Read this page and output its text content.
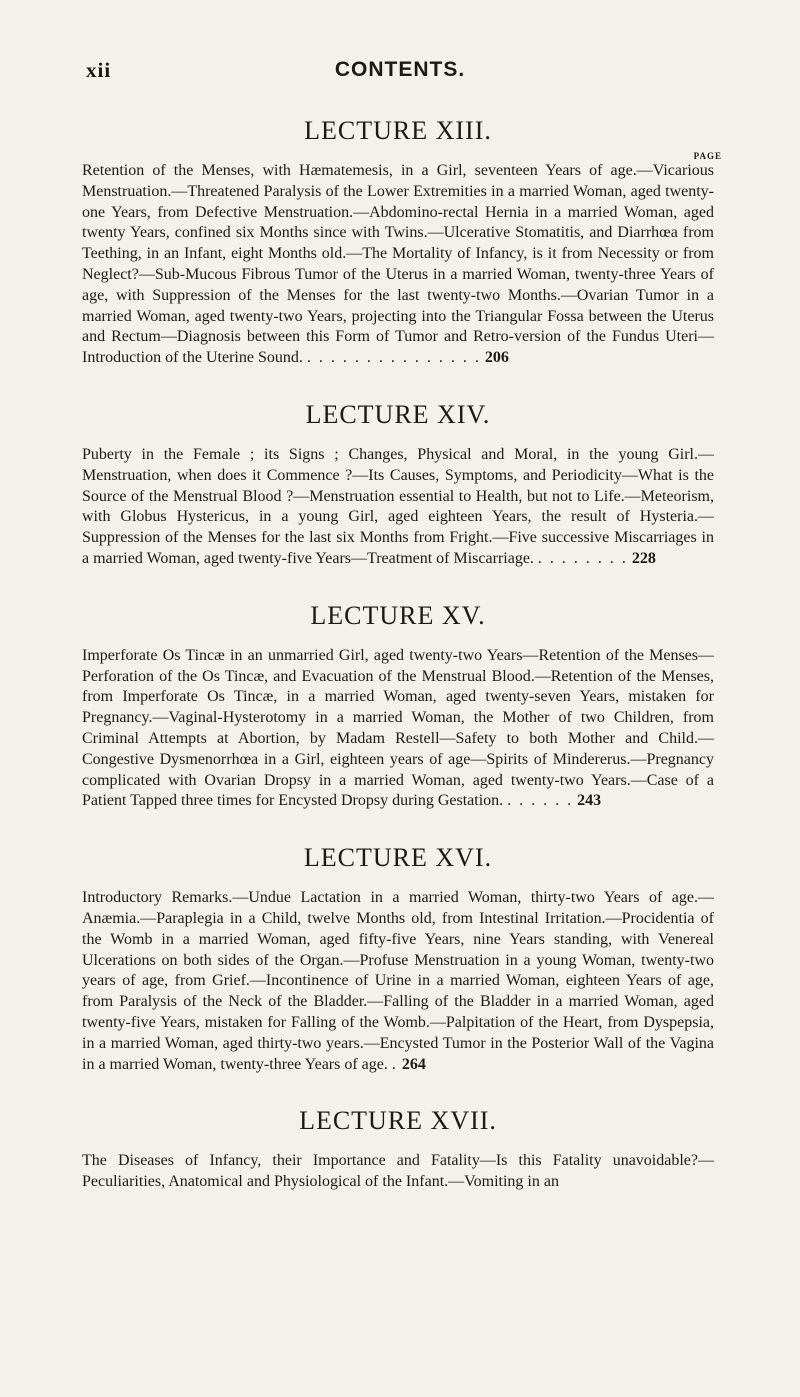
xii	CONTENTS.
LECTURE XIII.
PAGE

Retention of the Menses, with Hæmatemesis, in a Girl, seventeen Years of age.—Vicarious Menstruation.—Threatened Paralysis of the Lower Extremities in a married Woman, aged twenty-one Years, from Defective Menstruation.—Abdomino-rectal Hernia in a married Woman, aged twenty Years, confined six Months since with Twins.—Ulcerative Stomatitis, and Diarrhœa from Teething, in an Infant, eight Months old.—The Mortality of Infancy, is it from Necessity or from Neglect?—Sub-Mucous Fibrous Tumor of the Uterus in a married Woman, twenty-three Years of age, with Suppression of the Menses for the last twenty-two Months.—Ovarian Tumor in a married Woman, aged twenty-two Years, projecting into the Triangular Fossa between the Uterus and Rectum—Diagnosis between this Form of Tumor and Retro-version of the Fundus Uteri—Introduction of the Uterine Sound. . . . . . . . . . . . . . . . 206

LECTURE XIV.

Puberty in the Female ; its Signs ; Changes, Physical and Moral, in the young Girl.—Menstruation, when does it Commence ?—Its Causes, Symptoms, and Periodicity—What is the Source of the Menstrual Blood ?—Menstruation essential to Health, but not to Life.—Meteorism, with Globus Hystericus, in a young Girl, aged eighteen Years, the result of Hysteria.—Suppression of the Menses for the last six Months from Fright.—Five successive Miscarriages in a married Woman, aged twenty-five Years—Treatment of Miscarriage. . . . . . . . . 228

LECTURE XV.

Imperforate Os Tincæ in an unmarried Girl, aged twenty-two Years—Retention of the Menses—Perforation of the Os Tincæ, and Evacuation of the Menstrual Blood.—Retention of the Menses, from Imperforate Os Tincæ, in a married Woman, aged twenty-seven Years, mistaken for Pregnancy.—Vaginal-Hysterotomy in a married Woman, the Mother of two Children, from Criminal Attempts at Abortion, by Madam Restell—Safety to both Mother and Child.—Congestive Dysmenorrhœa in a Girl, eighteen years of age—Spirits of Mindererus.—Pregnancy complicated with Ovarian Dropsy in a married Woman, aged twenty-two Years.—Case of a Patient Tapped three times for Encysted Dropsy during Gestation. . . . . . . 243

LECTURE XVI.

Introductory Remarks.—Undue Lactation in a married Woman, thirty-two Years of age.—Anæmia.—Paraplegia in a Child, twelve Months old, from Intestinal Irritation.—Procidentia of the Womb in a married Woman, aged fifty-five Years, nine Years standing, with Venereal Ulcerations on both sides of the Organ.—Profuse Menstruation in a young Woman, twenty-two years of age, from Grief.—Incontinence of Urine in a married Woman, eighteen Years of age, from Paralysis of the Neck of the Bladder.—Falling of the Bladder in a married Woman, aged twenty-five Years, mistaken for Falling of the Womb.—Palpitation of the Heart, from Dyspepsia, in a married Woman, aged thirty-two years.—Encysted Tumor in the Posterior Wall of the Vagina in a married Woman, twenty-three Years of age. . 264

LECTURE XVII.

The Diseases of Infancy, their Importance and Fatality—Is this Fatality unavoidable?—Peculiarities, Anatomical and Physiological of the Infant.—Vomiting in an
